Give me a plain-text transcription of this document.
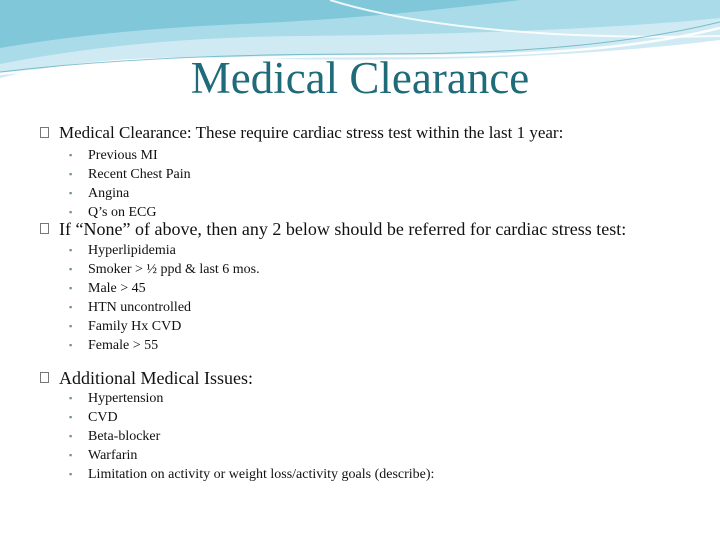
Medical Clearance
Medical Clearance: These require cardiac stress test within the last 1 year:
▪ Previous MI
▪ Recent Chest Pain
▪ Angina
▪ Q’s on ECG
If “None” of above, then any 2 below should be referred for cardiac stress test:
▪ Hyperlipidemia
▪ Smoker > ½ ppd & last 6 mos.
▪ Male > 45
▪ HTN uncontrolled
▪ Family Hx CVD
▪ Female > 55
Additional Medical Issues:
▪ Hypertension
▪ CVD
▪ Beta-blocker
▪ Warfarin
▪ Limitation on activity or weight loss/activity goals (describe):
